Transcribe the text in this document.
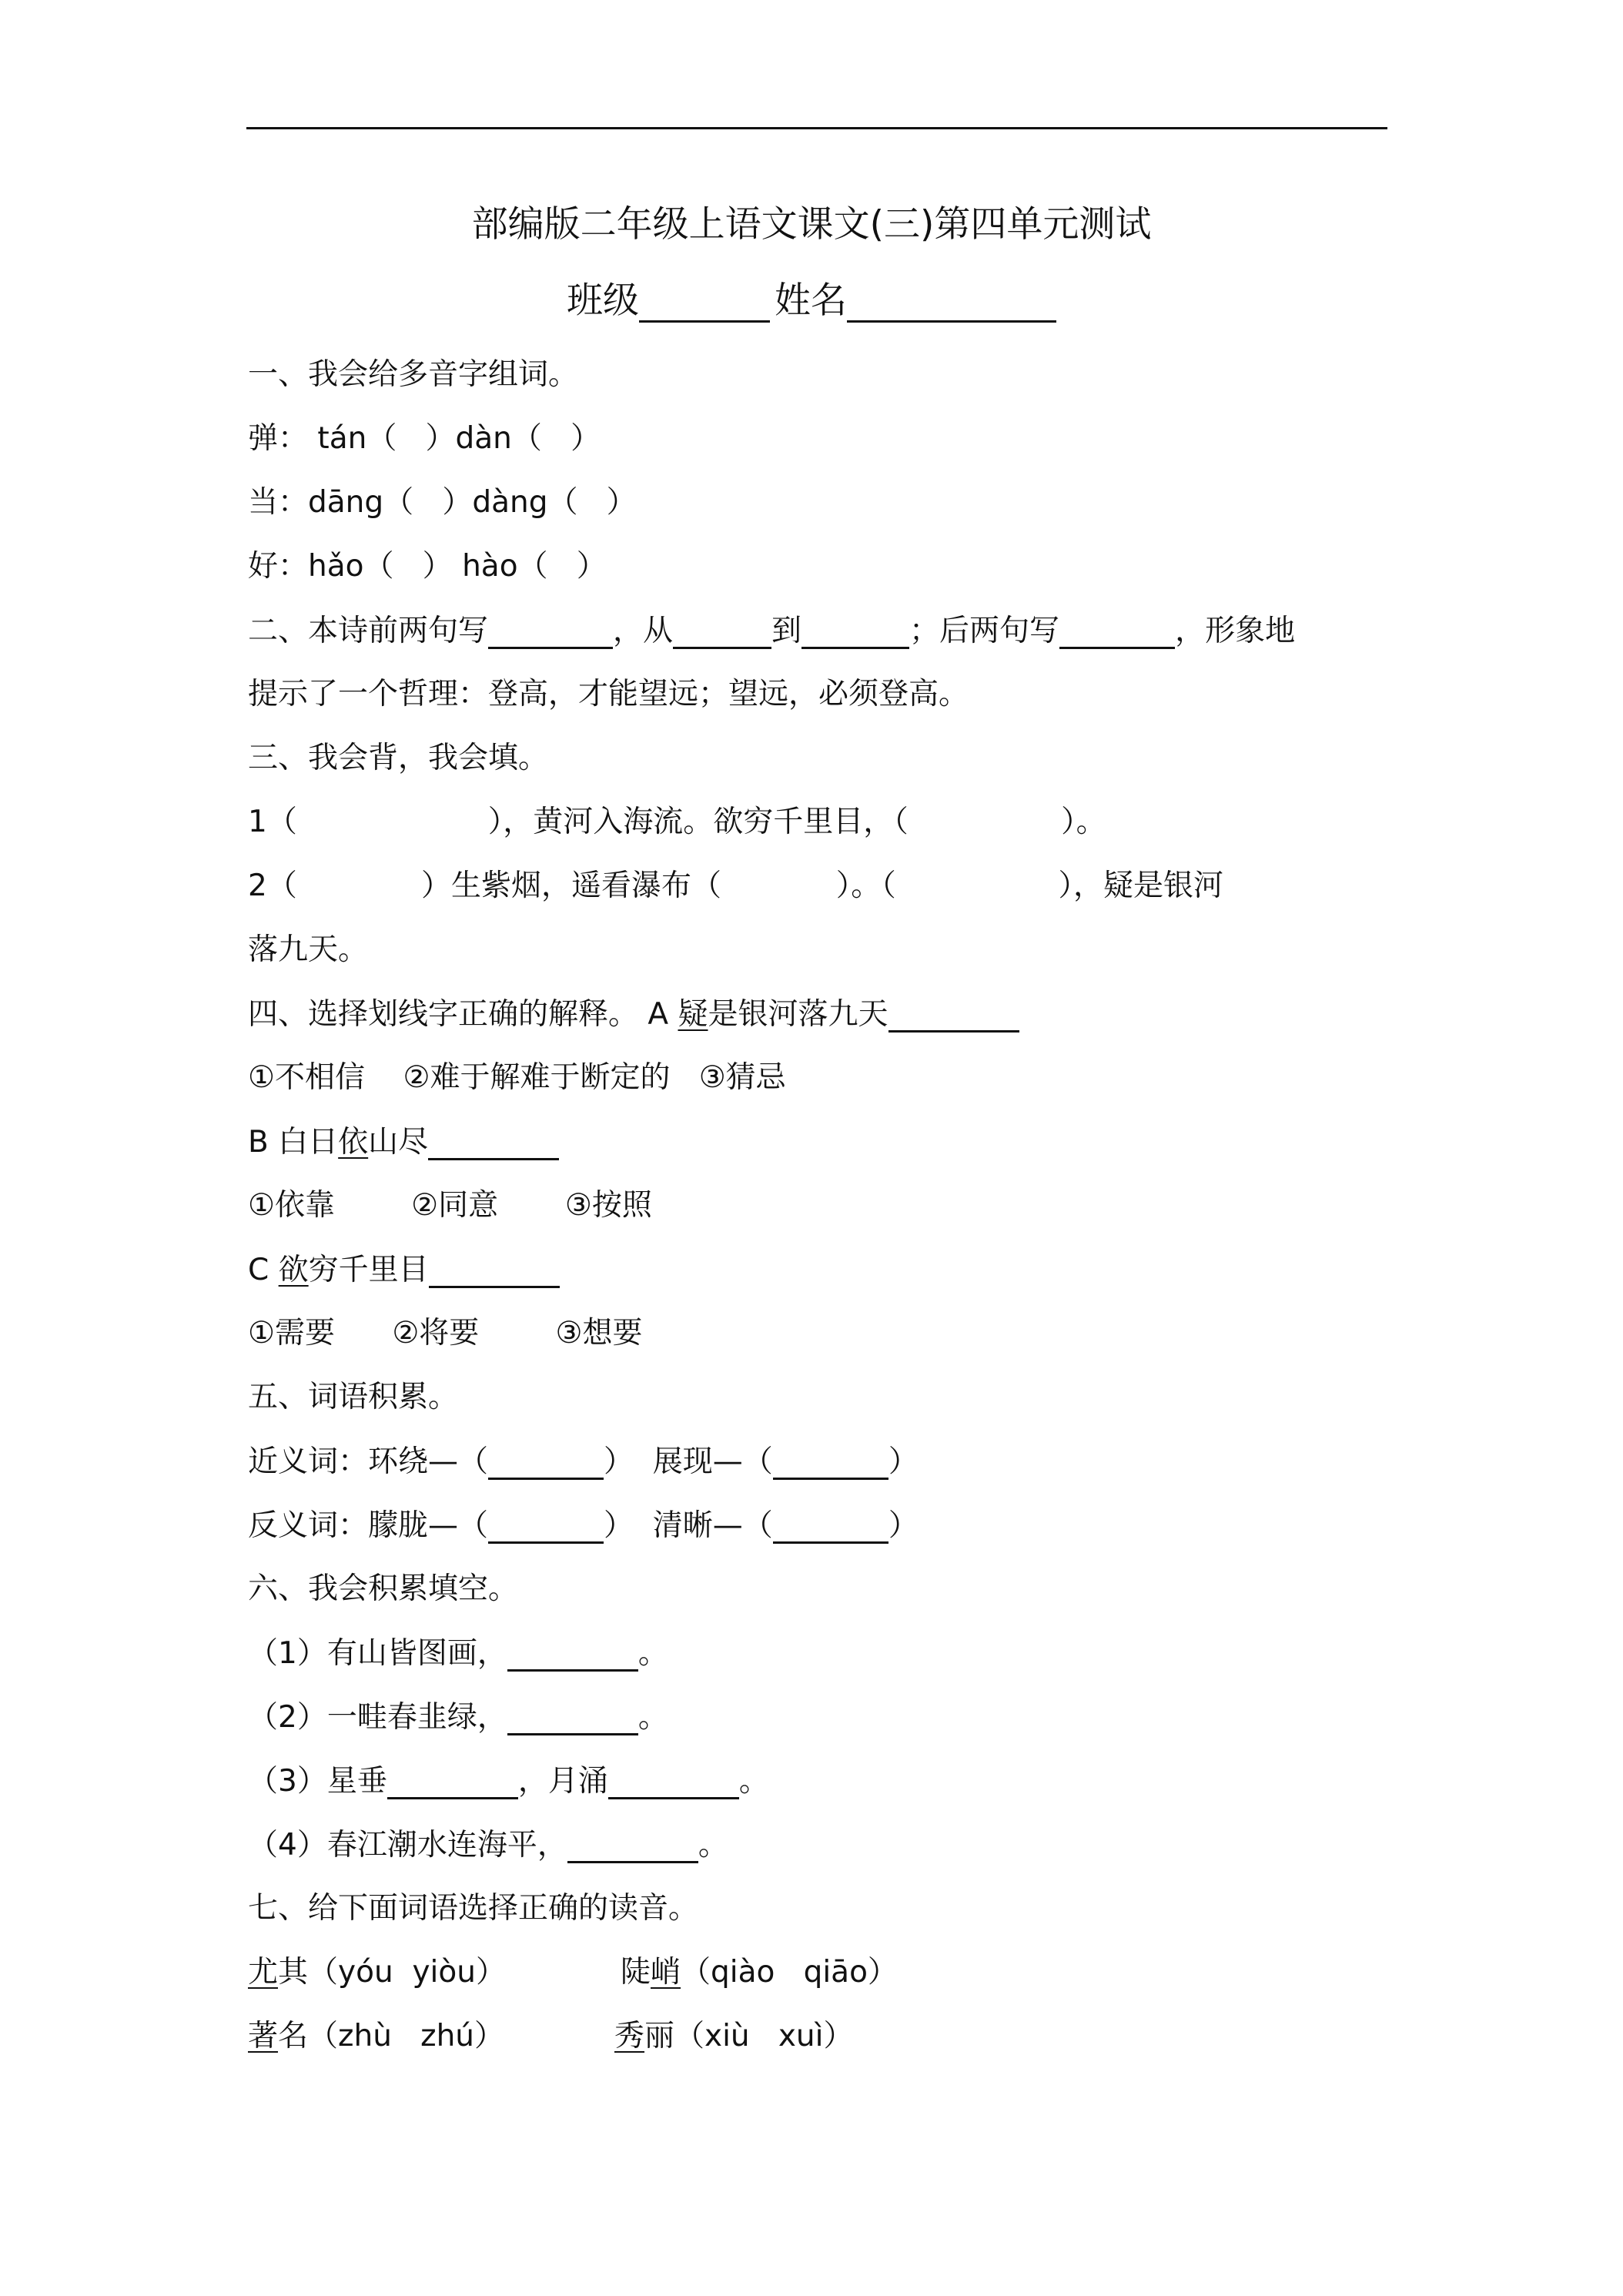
部编版二年级上语文课文(三)第四单元测试
班级	姓名
一、我会给多音字组词。
弹： tán（   ）dàn（   ）
当：dāng（   ）dàng（   ）
好：hǎo（   ） hào（   ）
二、本诗前两句写	，从	到	；后两句写	，形象地
提示了一个哲理：登高，才能望远；望远，必须登高。
三、我会背，我会填。
1（                    ），黄河入海流。欲穷千里目，（                ）。
2（             ）生紫烟，遥看瀑布（            ）。（                 ），疑是银河
落九天。
四、选择划线字正确的解释。 A 疑是银河落九天
①不相信    ②难于解难于断定的   ③猜忌
B 白日依山尽
①依靠        ②同意       ③按照
C 欲穷千里目
①需要      ②将要        ③想要
五、词语积累。
近义词：环绕—（	）  展现—（	）
反义词：朦胧—（	）  清晰—（	）
六、我会积累填空。
（1）有山皆图画，	。
（2）一畦春韭绿，	。
（3）星垂	，月涌	。
（4）春江潮水连海平，	。
七、给下面词语选择正确的读音。
尤其（yóu  yiòu）	陡峭（qiào   qiāo）
著名（zhù   zhú）	秀丽（xiù   xuì）
